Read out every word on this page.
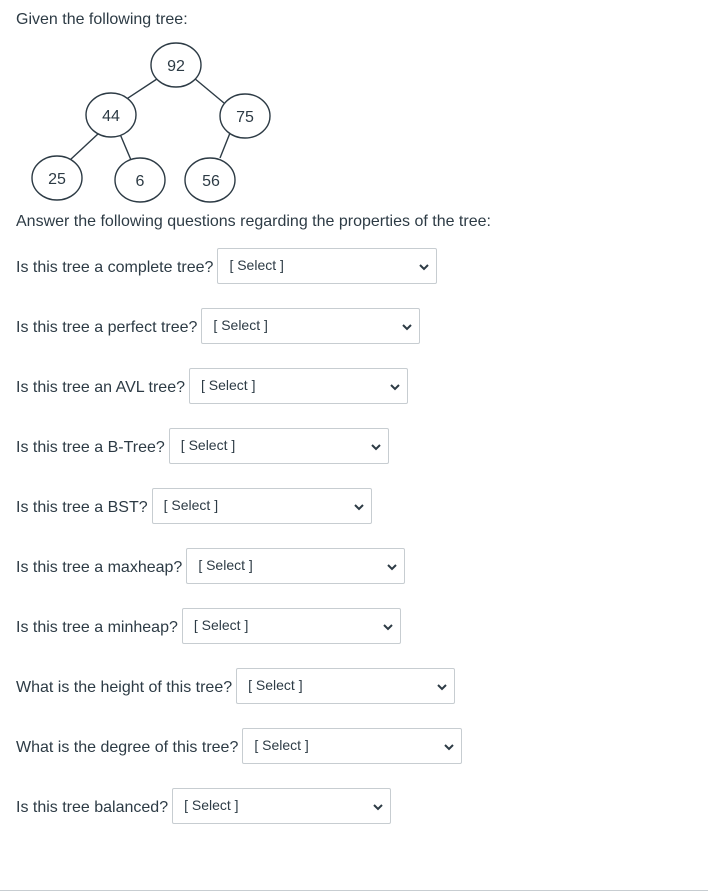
Given the following tree:
92
44	75
25	6	56
Answer the following questions regarding the properties of the tree:
Is this tree a complete tree? [ Select ]
Is this tree a perfect tree? [ Select ]
Is this tree an AVL tree? [ Select ]
Is this tree a B-Tree? [ Select ]
Is this tree a BST? [ Select ]
Is this tree a maxheap? [ Select ]
Is this tree a minheap? [ Select ]
What is the height of this tree? [ Select ]
What is the degree of this tree? [ Select ]
Is this tree balanced? [ Select ]
